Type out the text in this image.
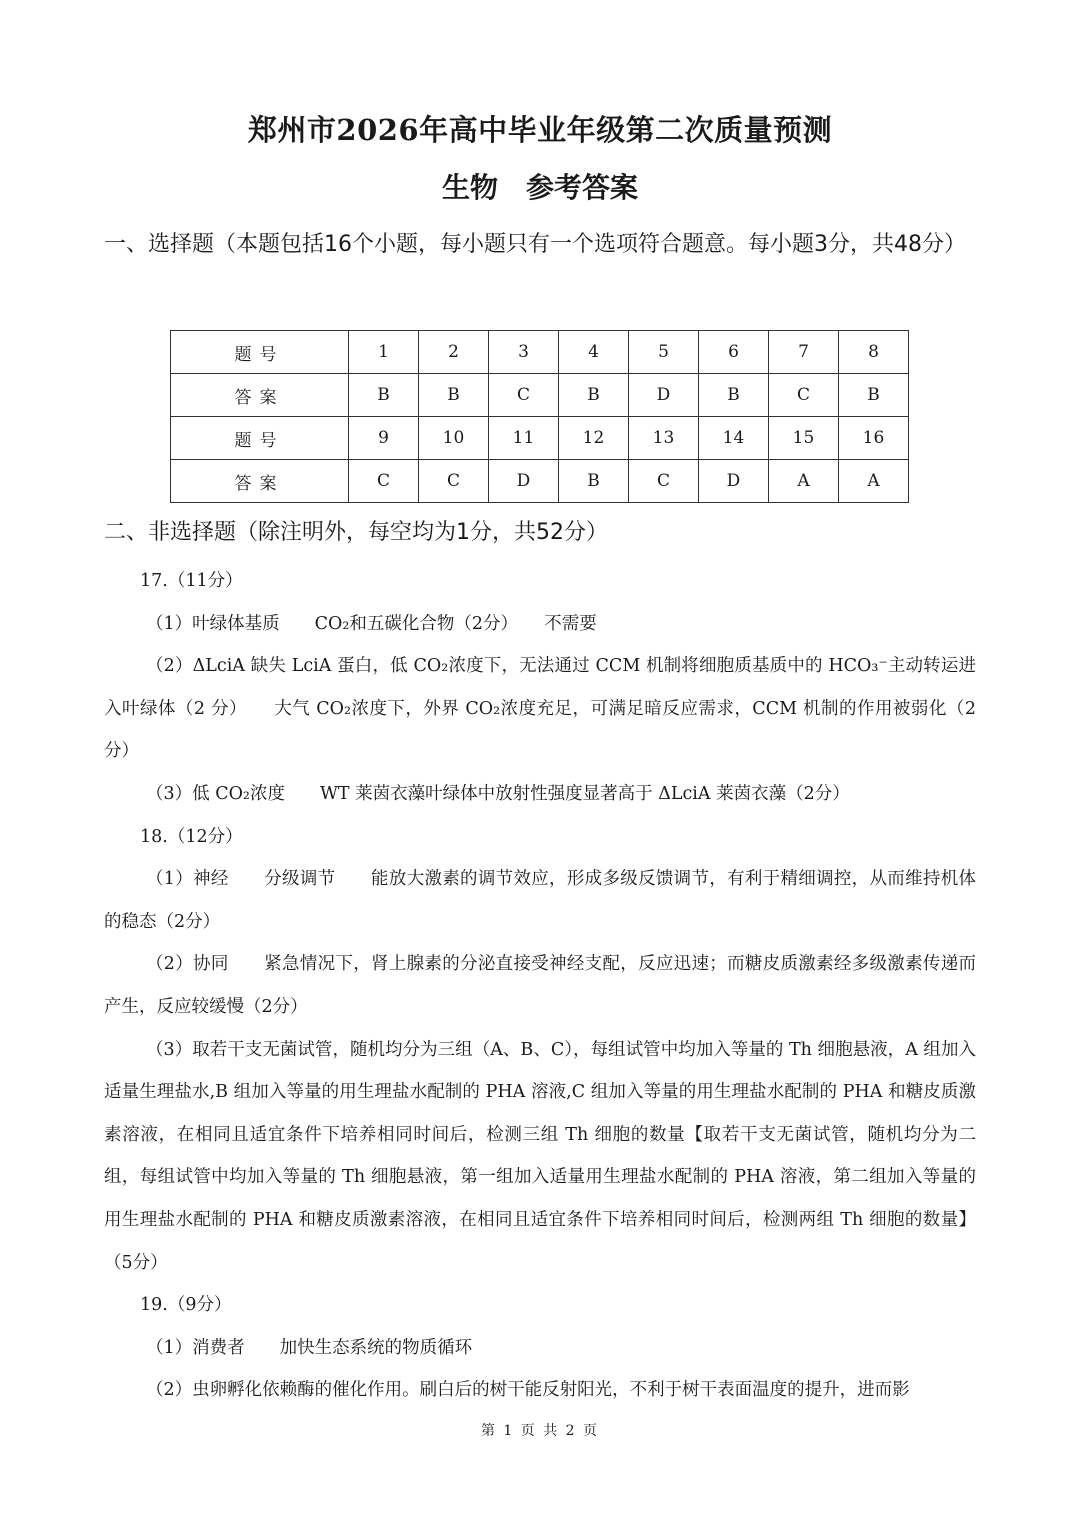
郑州市2026年高中毕业年级第二次质量预测
生物 参考答案
一、选择题（本题包括16个小题，每小题只有一个选项符合题意。每小题3分，共48分）
题号	1	2	3	4	5	6	7	8
答案	B	B	C	B	D	B	C	B
题号	9	10	11	12	13	14	15	16
答案	C	C	D	B	C	D	A	A
二、非选择题（除注明外，每空均为1分，共52分）

17.（11分）

（1）叶绿体基质　　CO₂和五碳化合物（2分）　　不需要

（2）ΔLciA 缺失 LciA 蛋白，低 CO₂浓度下，无法通过 CCM 机制将细胞质基质中的 HCO₃⁻主动转运进入叶绿体（2 分）　　大气 CO₂浓度下，外界 CO₂浓度充足，可满足暗反应需求，CCM 机制的作用被弱化（2分）

（3）低 CO₂浓度　　WT 莱茵衣藻叶绿体中放射性强度显著高于 ΔLciA 莱茵衣藻（2分）

18.（12分）

（1）神经　　分级调节　　能放大激素的调节效应，形成多级反馈调节，有利于精细调控，从而维持机体的稳态（2分）

（2）协同　　紧急情况下，肾上腺素的分泌直接受神经支配，反应迅速；而糖皮质激素经多级激素传递而产生，反应较缓慢（2分）

（3）取若干支无菌试管，随机均分为三组（A、B、C），每组试管中均加入等量的 Th 细胞悬液，A 组加入适量生理盐水,B 组加入等量的用生理盐水配制的 PHA 溶液,C 组加入等量的用生理盐水配制的 PHA 和糖皮质激素溶液，在相同且适宜条件下培养相同时间后，检测三组 Th 细胞的数量【取若干支无菌试管，随机均分为二组，每组试管中均加入等量的 Th 细胞悬液，第一组加入适量用生理盐水配制的 PHA 溶液，第二组加入等量的用生理盐水配制的 PHA 和糖皮质激素溶液，在相同且适宜条件下培养相同时间后，检测两组 Th 细胞的数量】（5分）

19.（9分）

（1）消费者　　加快生态系统的物质循环

（2）虫卵孵化依赖酶的催化作用。刷白后的树干能反射阳光，不利于树干表面温度的提升，进而影

第 1 页 共 2 页
